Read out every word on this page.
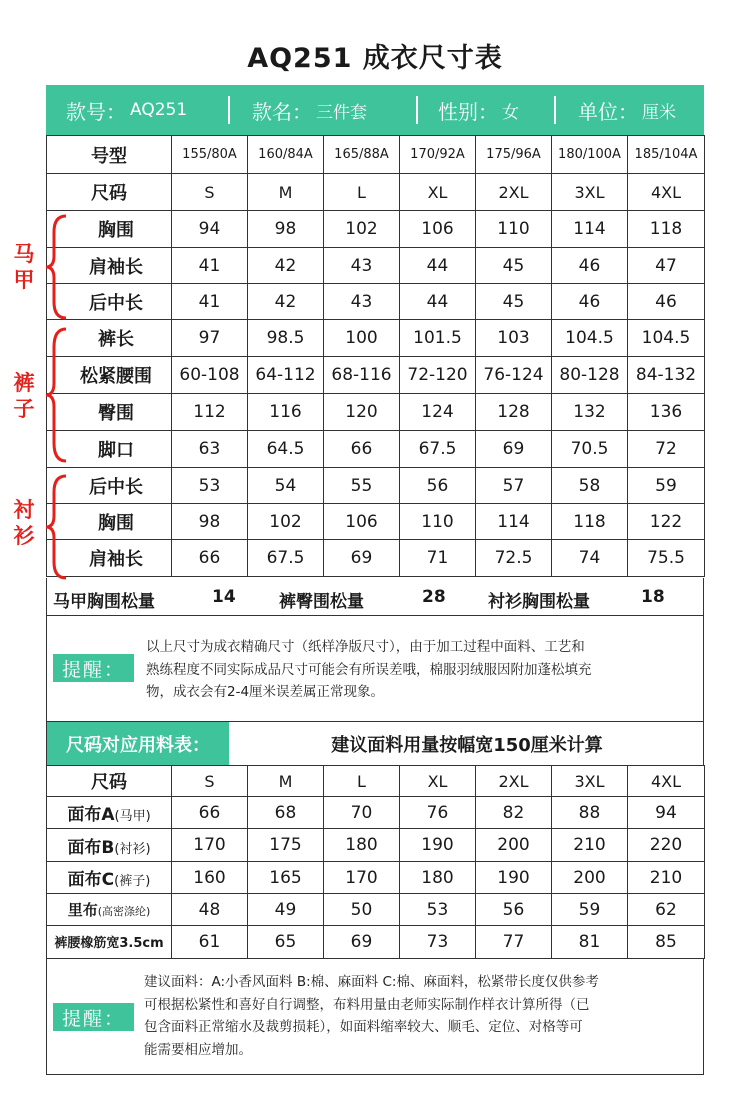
AQ251 成衣尺寸表
款号： AQ251	款名： 三件套	性别： 女	单位： 厘米
号型	155/80A	160/84A	165/88A	170/92A	175/96A	180/100A	185/104A
尺码	S	M	L	XL	2XL	3XL	4XL
胸围	94	98	102	106	110	114	118
肩袖长	41	42	43	44	45	46	47
后中长	41	42	43	44	45	46	46
裤长	97	98.5	100	101.5	103	104.5	104.5
松紧腰围	60-108	64-112	68-116	72-120	76-124	80-128	84-132
臀围	112	116	120	124	128	132	136
脚口	63	64.5	66	67.5	69	70.5	72
后中长	53	54	55	56	57	58	59
胸围	98	102	106	110	114	118	122
肩袖长	66	67.5	69	71	72.5	74	75.5
马甲
裤子
衬衫
马甲胸围松量	14	裤臀围松量	28 衬衫胸围松量	18
提醒：
以上尺寸为成衣精确尺寸（纸样净版尺寸），由于加工过程中面料、工艺和
熟练程度不同实际成品尺寸可能会有所误差哦，棉服羽绒服因附加蓬松填充
物，成衣会有2-4厘米误差属正常现象。
尺码对应用料表：	建议面料用量按幅宽150厘米计算
尺码	S	M	L	XL	2XL	3XL	4XL
面布A(马甲)	66	68	70	76	82	88	94
面布B(衬衫)	170	175	180	190	200	210	220
面布C(裤子)	160	165	170	180	190	200	210
里布(高密涤纶)	48	49	50	53	56	59	62
裤腰橡筋宽3.5cm	61	65	69	73	77	81	85
提醒：
建议面料：A:小香风面料 B:棉、麻面料 C:棉、麻面料，松紧带长度仅供参考
可根据松紧性和喜好自行调整，布料用量由老师实际制作样衣计算所得（已
包含面料正常缩水及裁剪损耗），如面料缩率较大、顺毛、定位、对格等可
能需要相应增加。
